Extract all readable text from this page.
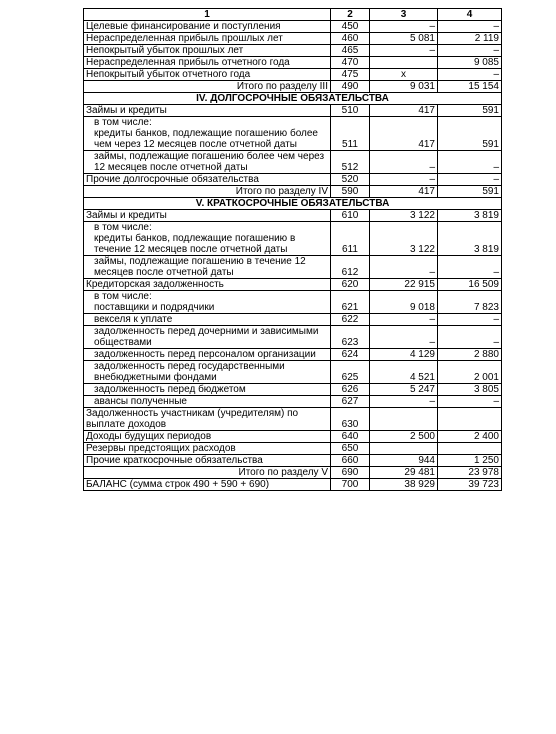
1	2	3	4
Целевые финансирование и поступления	450	–	–
Нераспределенная прибыль прошлых лет	460	5 081	2 119
Непокрытый убыток прошлых лет	465	–	–
Нераспределенная прибыль отчетного года	470		9 085
Непокрытый убыток отчетного года	475	х	–
Итого по разделу III	490	9 031	15 154
IV. ДОЛГОСРОЧНЫЕ ОБЯЗАТЕЛЬСТВА			
Займы и кредиты	510	417	591
в том числе:
кредиты банков, подлежащие погашению более чем через 12 месяцев после отчетной даты	511	417	591
займы, подлежащие погашению более чем через 12 месяцев после отчетной даты	512	–	–
Прочие долгосрочные обязательства	520	–	–
Итого по разделу IV	590	417	591
V. КРАТКОСРОЧНЫЕ ОБЯЗАТЕЛЬСТВА			
Займы и кредиты	610	3 122	3 819
в том числе:
кредиты банков, подлежащие погашению в течение 12 месяцев после отчетной даты	611	3 122	3 819
займы, подлежащие погашению в течение 12 месяцев после отчетной даты	612	–	–
Кредиторская задолженность	620	22 915	16 509
в том числе:
поставщики и подрядчики	621	9 018	7 823
векселя к уплате	622	–	–
задолженность перед дочерними и зависимыми обществами	623	–	–
задолженность перед персоналом организации	624	4 129	2 880
задолженность перед государственными внебюджетными фондами	625	4 521	2 001
задолженность перед бюджетом	626	5 247	3 805
авансы полученные	627	–	–
Задолженность участникам (учредителям) по выплате доходов	630		
Доходы будущих периодов	640	2 500	2 400
Резервы предстоящих расходов	650		
Прочие краткосрочные обязательства	660	944	1 250
Итого по разделу V	690	29 481	23 978
БАЛАНС (сумма строк 490 + 590 + 690)	700	38 929	39 723
